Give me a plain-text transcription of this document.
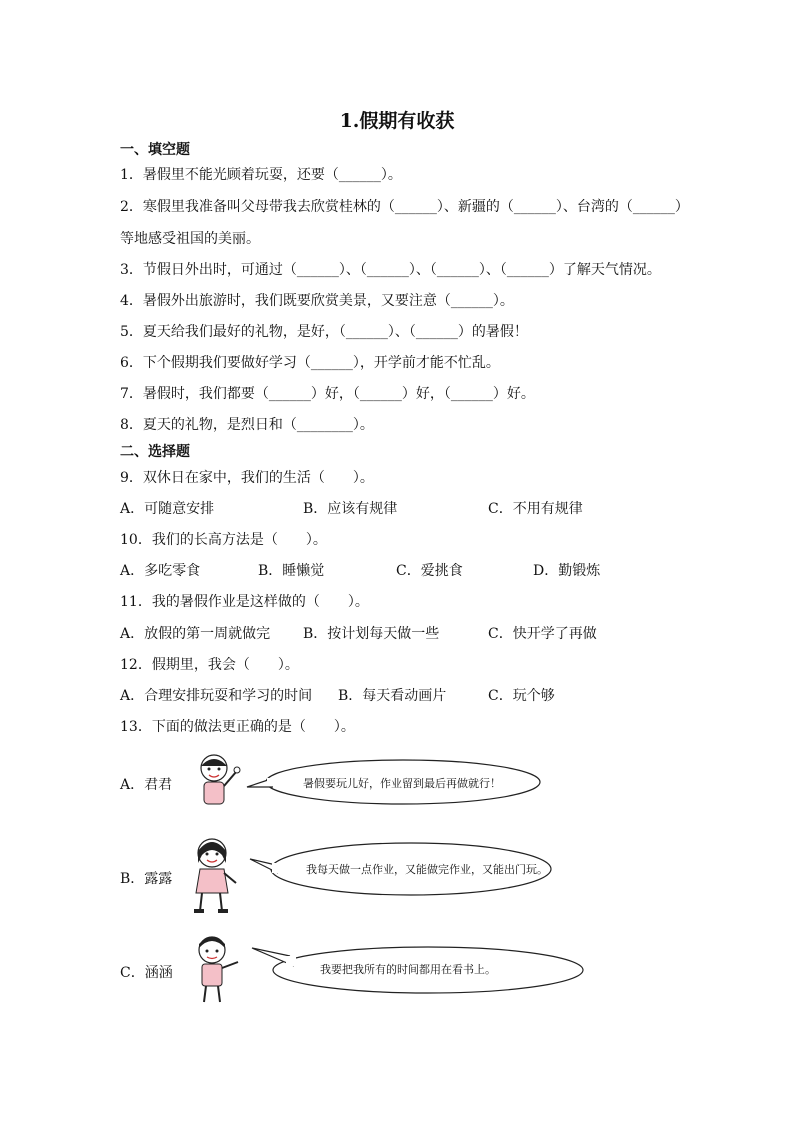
1.假期有收获
一、填空题
1．暑假里不能光顾着玩耍，还要（______）。
2．寒假里我准备叫父母带我去欣赏桂林的（______）、新疆的（______）、台湾的（______）
等地感受祖国的美丽。
3．节假日外出时，可通过（______）、（______）、（______）、（______）了解天气情况。
4．暑假外出旅游时，我们既要欣赏美景，又要注意（______）。
5．夏天给我们最好的礼物，是好，（______）、（______）的暑假！
6．下个假期我们要做好学习（______），开学前才能不忙乱。
7．暑假时，我们都要（______）好，（______）好，（______）好。
8．夏天的礼物，是烈日和（________）。
二、选择题
9．双休日在家中，我们的生活（　　）。
A．可随意安排	B．应该有规律	C．不用有规律
10．我们的长高方法是（　　）。
A．多吃零食	B．睡懒觉	C．爱挑食	D．勤锻炼
11．我的暑假作业是这样做的（　　）。
A．放假的第一周就做完 B．按计划每天做一些	C．快开学了再做
12．假期里，我会（　　）。
A．合理安排玩耍和学习的时间 B．每天看动画片	C．玩个够
13．下面的做法更正确的是（　　）。
A．君君	暑假要玩儿好，作业留到最后再做就行！
B．露露
我每天做一点作业，又能做完作业，又能出门玩。
C．涵涵	我要把我所有的时间都用在看书上。
